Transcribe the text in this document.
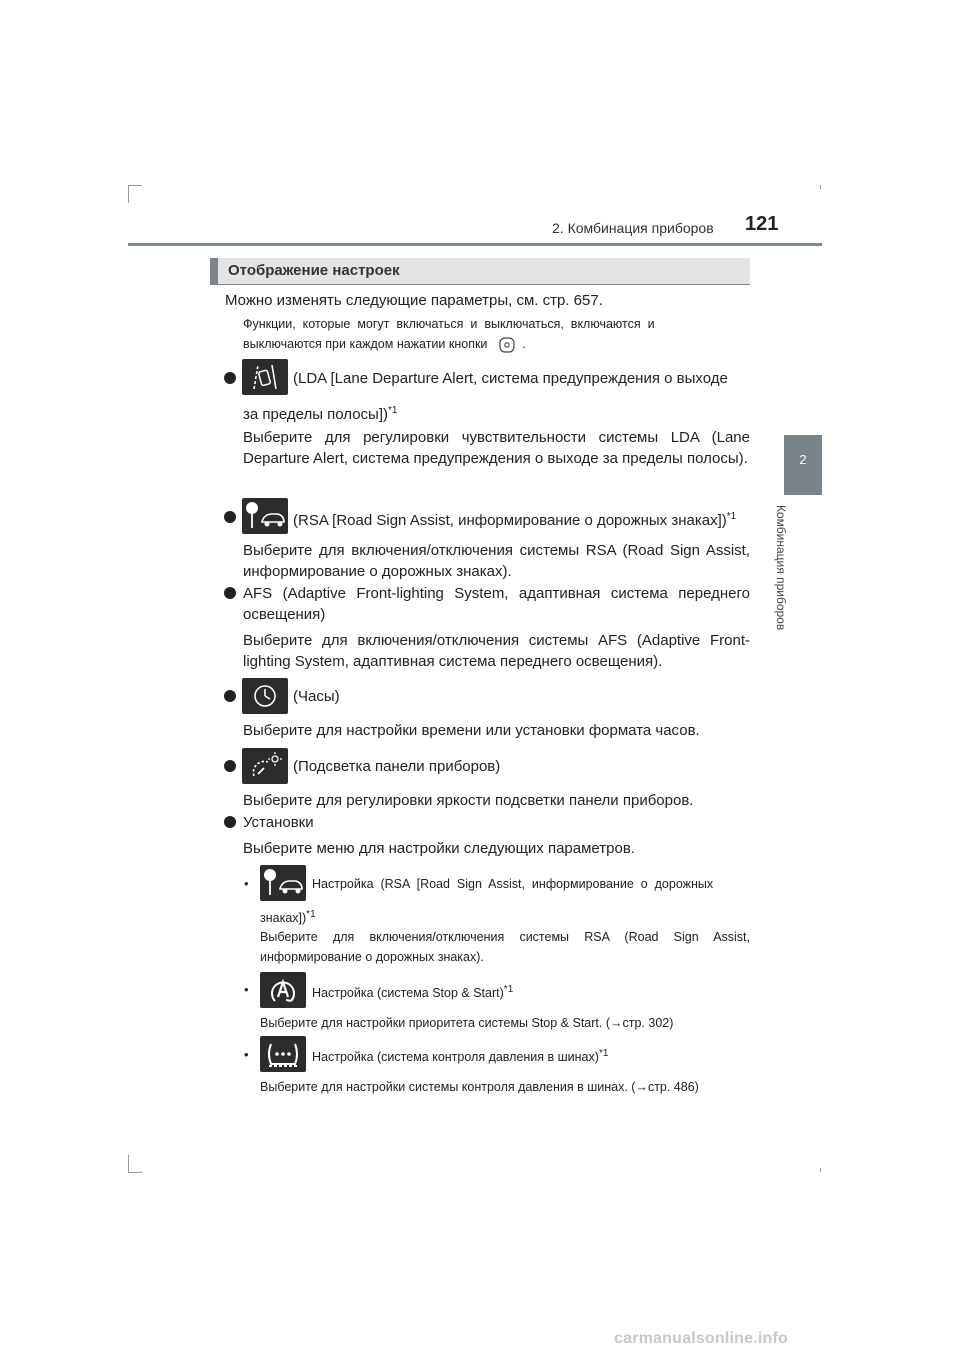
2. Комбинация приборов 121
2
Комбинация приборов
Отображение настроек
Можно изменять следующие параметры, см. стр. 657.
Функции,  которые  могут  включаться  и  выключаться,  включаются  и
выключаются при каждом нажатии кнопки	.
(LDA [Lane Departure Alert, система предупреждения о выходе
за пределы полосы])$^{*1}$
Выберите для регулировки чувствительности системы LDA (Lane Departure Alert, система предупреждения о выходе за пределы полосы).
(RSA [Road Sign Assist, информирование о дорожных знаках])$^{*1}$
Выберите для включения/отключения системы RSA (Road Sign Assist, информирование о дорожных знаках).
AFS (Adaptive Front-lighting System, адаптивная система переднего освещения)
Выберите для включения/отключения системы AFS (Adaptive Front-lighting System, адаптивная система переднего освещения).
(Часы)
Выберите для настройки времени или установки формата часов.
(Подсветка панели приборов)
Выберите для регулировки яркости подсветки панели приборов.
Установки
Выберите меню для настройки следующих параметров.
•	Настройка  (RSA  [Road  Sign  Assist,  информирование  о  дорожных
знаках])$^{*1}$
Выберите для включения/отключения системы RSA (Road Sign Assist, информирование о дорожных знаках).
•	Настройка (система Stop & Start)$^{*1}$
Выберите для настройки приоритета системы Stop & Start. (→стр. 302)
•	Настройка (система контроля давления в шинах)$^{*1}$
Выберите для настройки системы контроля давления в шинах. (→стр. 486)
carmanualsonline.info
